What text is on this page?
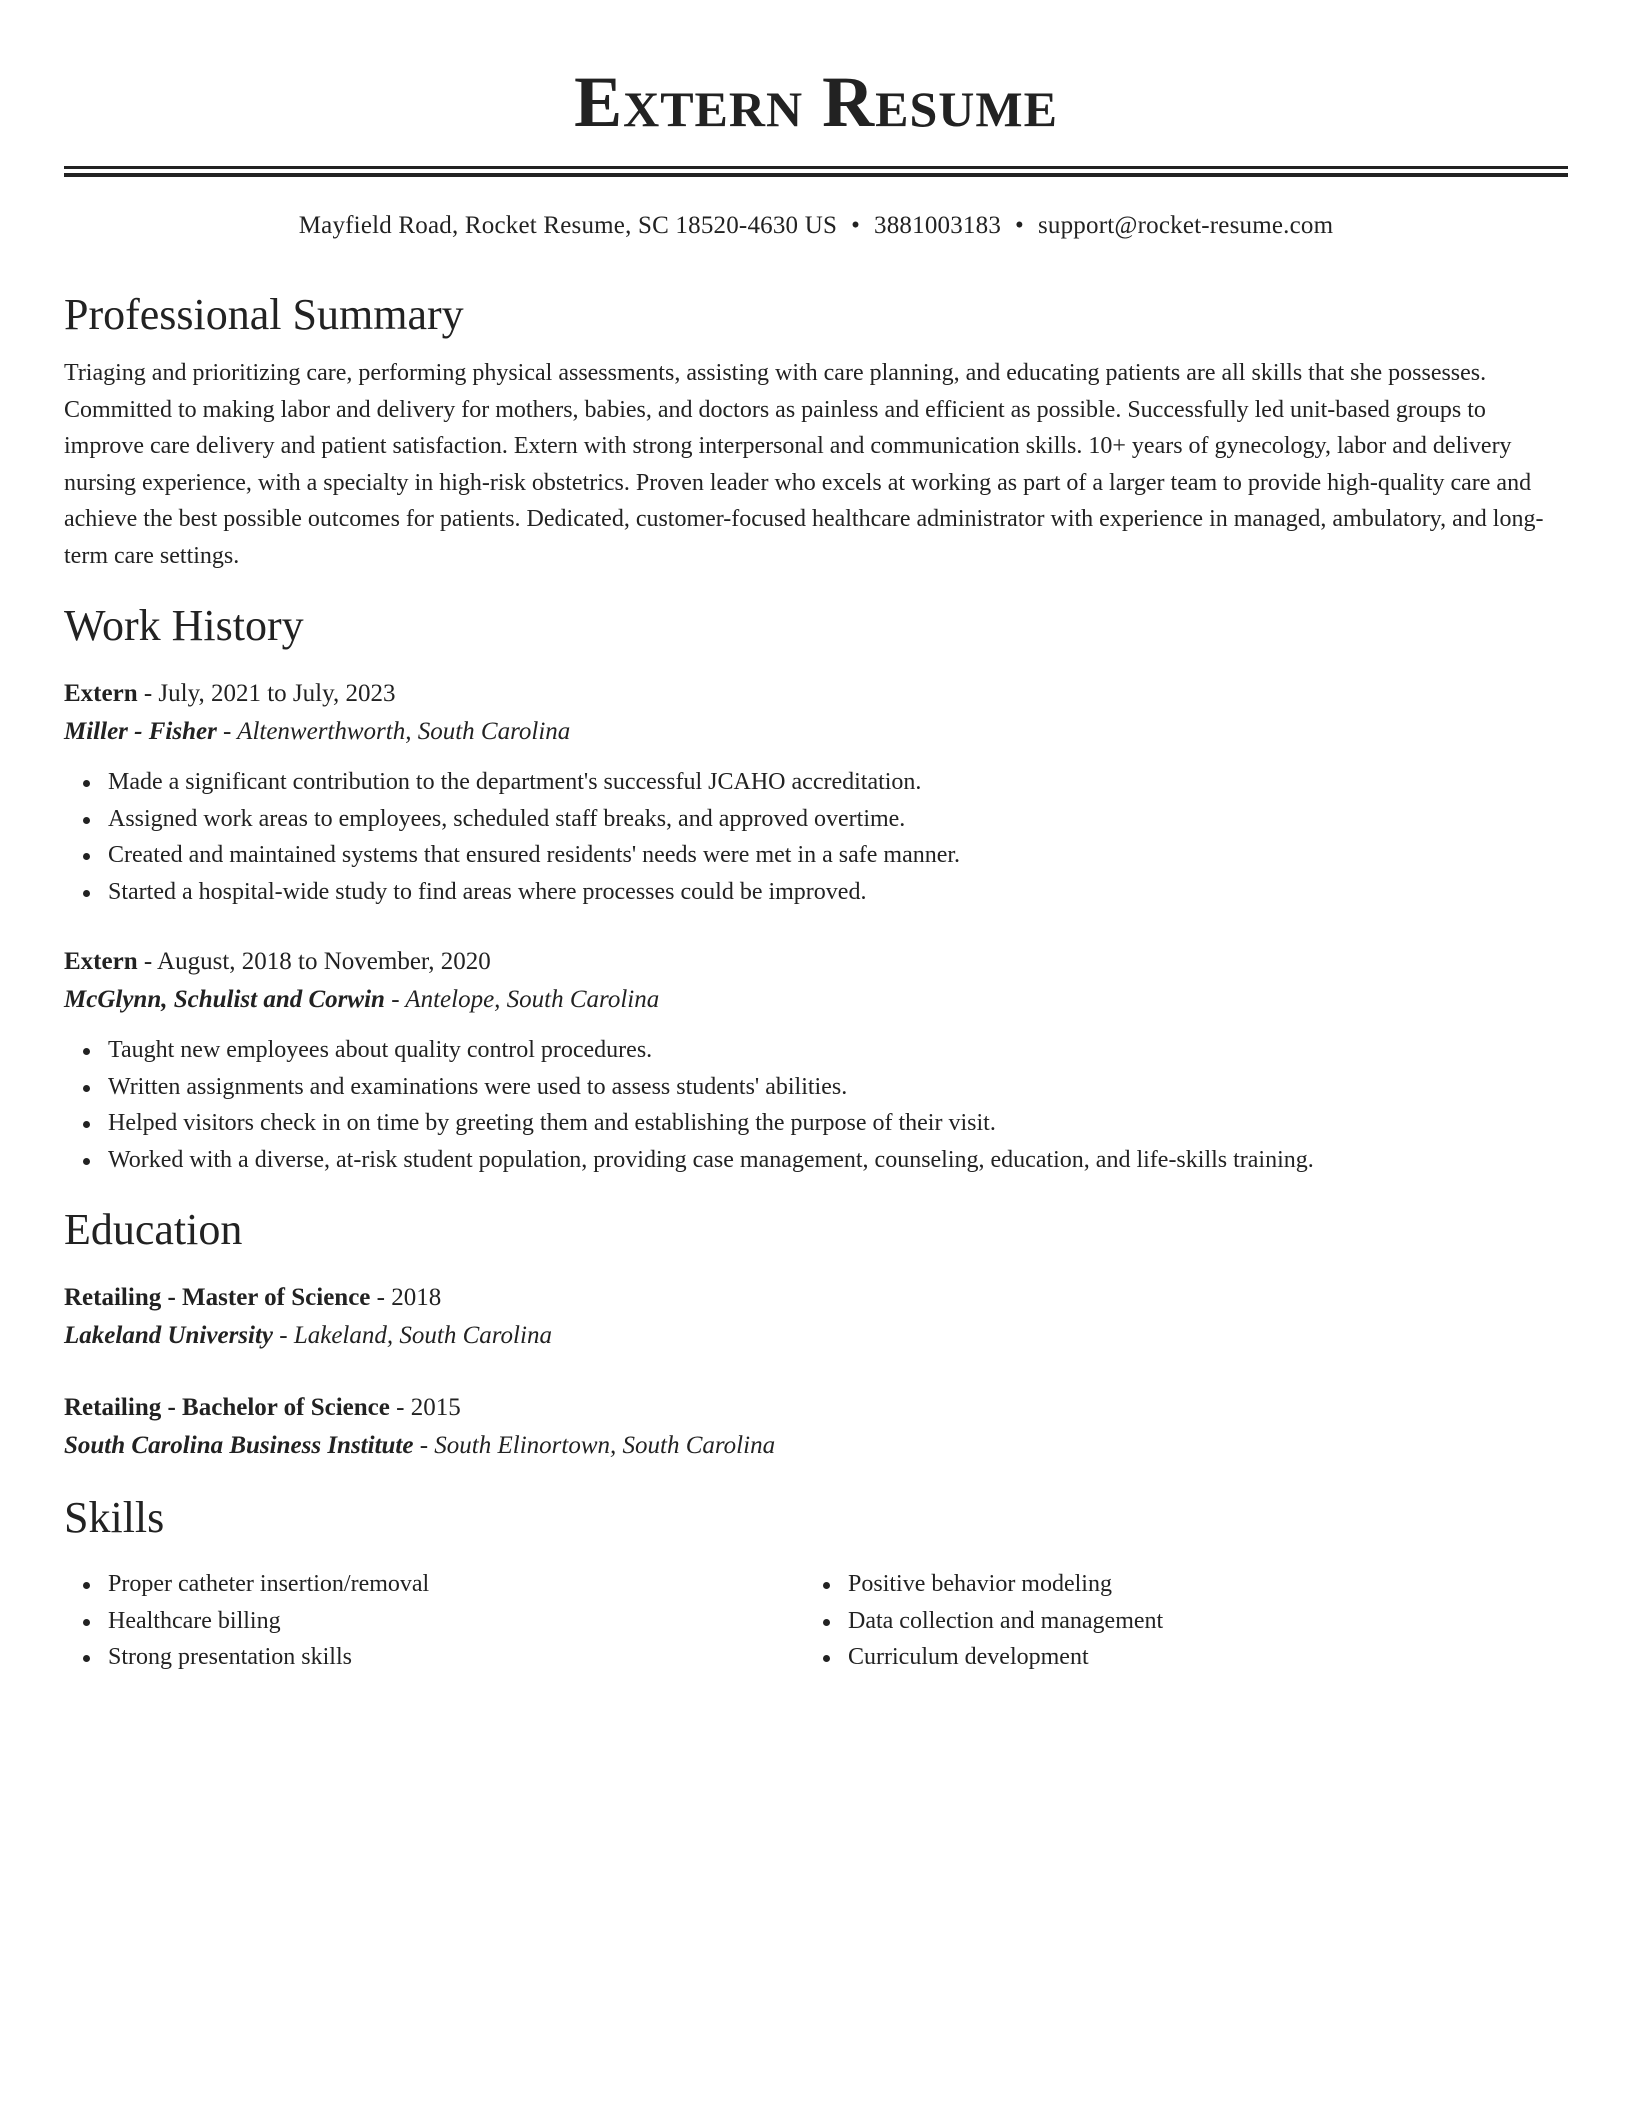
Extern Resume
Mayfield Road, Rocket Resume, SC 18520-4630 US • 3881003183 • support@rocket-resume.com
Professional Summary
Triaging and prioritizing care, performing physical assessments, assisting with care planning, and educating patients are all skills that she possesses. Committed to making labor and delivery for mothers, babies, and doctors as painless and efficient as possible. Successfully led unit-based groups to improve care delivery and patient satisfaction. Extern with strong interpersonal and communication skills. 10+ years of gynecology, labor and delivery nursing experience, with a specialty in high-risk obstetrics. Proven leader who excels at working as part of a larger team to provide high-quality care and achieve the best possible outcomes for patients. Dedicated, customer-focused healthcare administrator with experience in managed, ambulatory, and long-term care settings.
Work History
Extern - July, 2021 to July, 2023
Miller - Fisher - Altenwerthworth, South Carolina
Made a significant contribution to the department's successful JCAHO accreditation.
Assigned work areas to employees, scheduled staff breaks, and approved overtime.
Created and maintained systems that ensured residents' needs were met in a safe manner.
Started a hospital-wide study to find areas where processes could be improved.
Extern - August, 2018 to November, 2020
McGlynn, Schulist and Corwin - Antelope, South Carolina
Taught new employees about quality control procedures.
Written assignments and examinations were used to assess students' abilities.
Helped visitors check in on time by greeting them and establishing the purpose of their visit.
Worked with a diverse, at-risk student population, providing case management, counseling, education, and life-skills training.
Education
Retailing - Master of Science - 2018
Lakeland University - Lakeland, South Carolina
Retailing - Bachelor of Science - 2015
South Carolina Business Institute - South Elinortown, South Carolina
Skills
Proper catheter insertion/removal
Healthcare billing
Strong presentation skills
Positive behavior modeling
Data collection and management
Curriculum development
